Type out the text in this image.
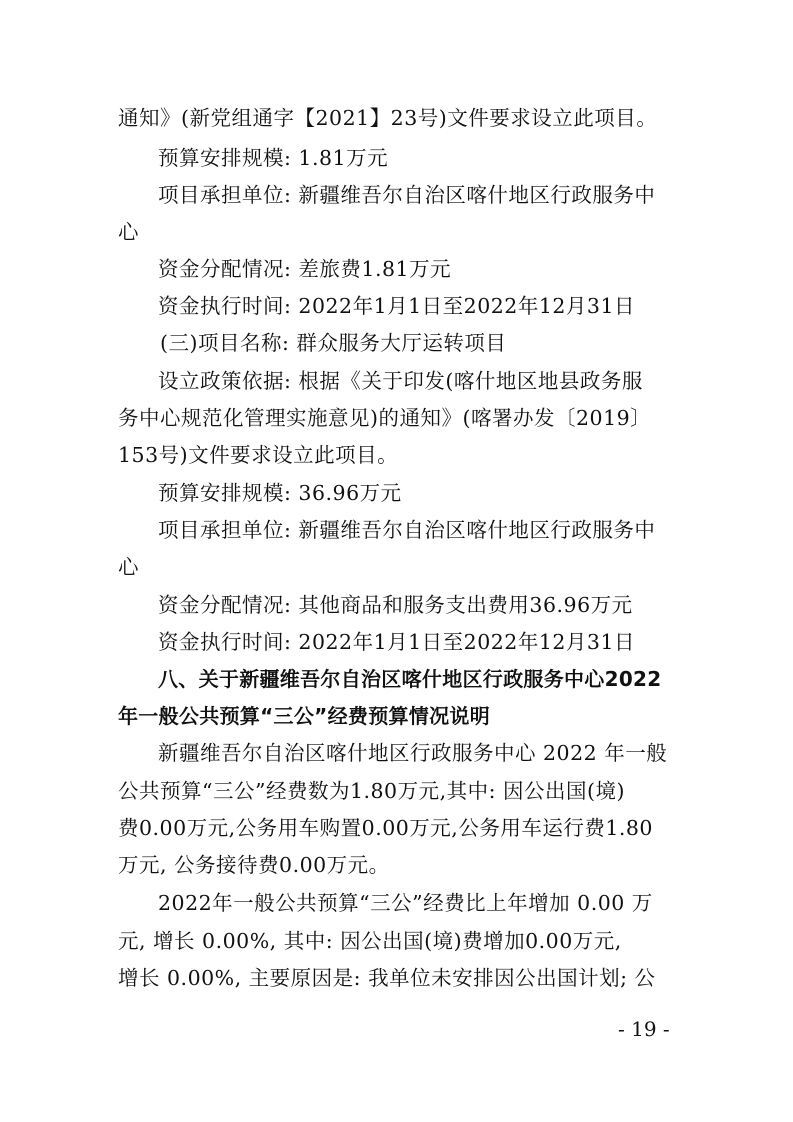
通知》(新党组通字【2021】23号)文件要求设立此项目。
预算安排规模: 1.81万元
项目承担单位: 新疆维吾尔自治区喀什地区行政服务中
心
资金分配情况: 差旅费1.81万元
资金执行时间: 2022年1月1日至2022年12月31日
(三)项目名称: 群众服务大厅运转项目
设立政策依据: 根据《关于印发(喀什地区地县政务服
务中心规范化管理实施意见)的通知》(喀署办发〔2019〕
153号)文件要求设立此项目。
预算安排规模: 36.96万元
项目承担单位: 新疆维吾尔自治区喀什地区行政服务中
心
资金分配情况: 其他商品和服务支出费用36.96万元
资金执行时间: 2022年1月1日至2022年12月31日
八、关于新疆维吾尔自治区喀什地区行政服务中心2022
年一般公共预算“三公”经费预算情况说明
新疆维吾尔自治区喀什地区行政服务中心 2022 年一般
公共预算“三公”经费数为1.80万元,其中: 因公出国(境)
费0.00万元,公务用车购置0.00万元,公务用车运行费1.80
万元, 公务接待费0.00万元。
2022年一般公共预算“三公”经费比上年增加 0.00 万
元, 增长 0.00%, 其中: 因公出国(境)费增加0.00万元,
增长 0.00%, 主要原因是: 我单位未安排因公出国计划; 公
- 19 -
